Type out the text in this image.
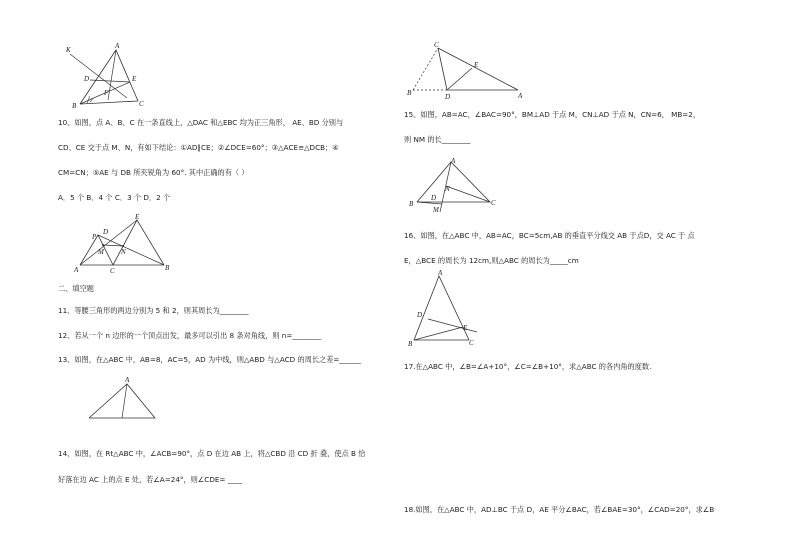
A
K
D	E
F
B	C
10、如图，点 A、B、C 在一条直线上，△DAC 和△EBC 均为正三角形， AE、BD 分别与
CD、CE 交于点 M、N，有如下结论：①AD∥CE；②∠DCE=60°；③△ACE≌△DCB；④
CM=CN；⑤AE 与 DB 所夹锐角为 60°. 其中正确的有（ ）
A．5 个 B．4 个 C．3 个 D．2 个
E
D
P
N
M
A	C	B
二、填空题
11、等腰三角形的两边分别为 5 和 2，则其周长为________
12、若从一个 n 边形的一个顶点出发，最多可以引出 8 条对角线，则 n=________
13、如图，在△ABC 中，AB=8，AC=5，AD 为中线，则△ABD 与△ACD 的周长之差=______
A
14、如图，在 Rt△ABC 中，∠ACB=90°，点 D 在边 AB 上，将△CBD 沿 CD 折 叠，使点 B 恰
好落在边 AC 上的点 E 处，若∠A=24°，则∠CDE= ____
C
E
D
B	A
15、如图，AB=AC，∠BAC=90°，BM⊥AD 于点 M，CN⊥AD 于点 N，CN=6， MB=2，
则 NM 的长________
A
N
D
M
B	C
16、如图，在△ABC 中，AB=AC，BC=5cm,AB 的垂直平分线交 AB 于点D，交 AC 于 点
E，△BCE 的周长为 12cm,则△ABC 的周长为_____cm
A
D
E
B	C
17.在△ABC 中，∠B=∠A+10°，∠C=∠B+10°，求△ABC 的各内角的度数.
18.如图，在△ABC 中，AD⊥BC 于点 D，AE 平分∠BAC，若∠BAE=30°，∠CAD=20°，求∠B
